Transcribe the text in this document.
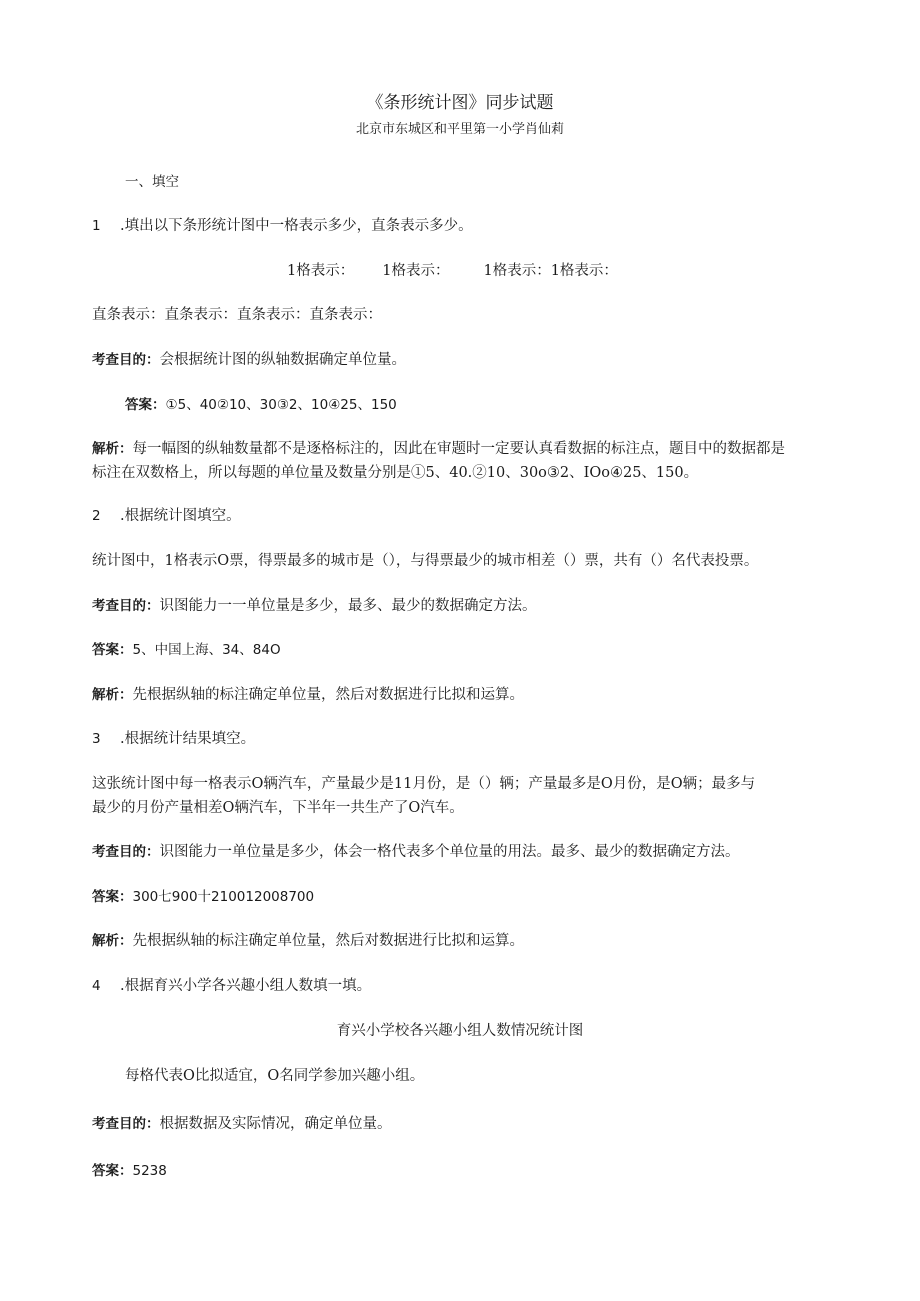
《条形统计图》同步试题
北京市东城区和平里第一小学肖仙莉
一、填空
1 .填出以下条形统计图中一格表示多少，直条表示多少。
1格表示： 1格表示： 1格表示：1格表示：
直条表示：直条表示：直条表示：直条表示：
考查目的：会根据统计图的纵轴数据确定单位量。
答案：①5、40②10、30③2、10④25、150
解析：每一幅图的纵轴数量都不是逐格标注的，因此在审题时一定要认真看数据的标注点，题目中的数据都是
标注在双数格上，所以每题的单位量及数量分别是①5、40.②10、30o③2、IOo④25、150。
2 .根据统计图填空。
统计图中，1格表示O票，得票最多的城市是（），与得票最少的城市相差（）票，共有（）名代表投票。
考查目的：识图能力一一单位量是多少，最多、最少的数据确定方法。
答案：5、中国上海、34、84O
解析：先根据纵轴的标注确定单位量，然后对数据进行比拟和运算。
3 .根据统计结果填空。
这张统计图中每一格表示O辆汽车，产量最少是11月份，是（）辆；产量最多是O月份，是O辆；最多与
最少的月份产量相差O辆汽车，下半年一共生产了O汽车。
考查目的：识图能力一单位量是多少，体会一格代表多个单位量的用法。最多、最少的数据确定方法。
答案：300七900十210012008700
解析：先根据纵轴的标注确定单位量，然后对数据进行比拟和运算。
4 .根据育兴小学各兴趣小组人数填一填。
育兴小学校各兴趣小组人数情况统计图
每格代表O比拟适宜，O名同学参加兴趣小组。
考查目的：根据数据及实际情况，确定单位量。
答案：5238
